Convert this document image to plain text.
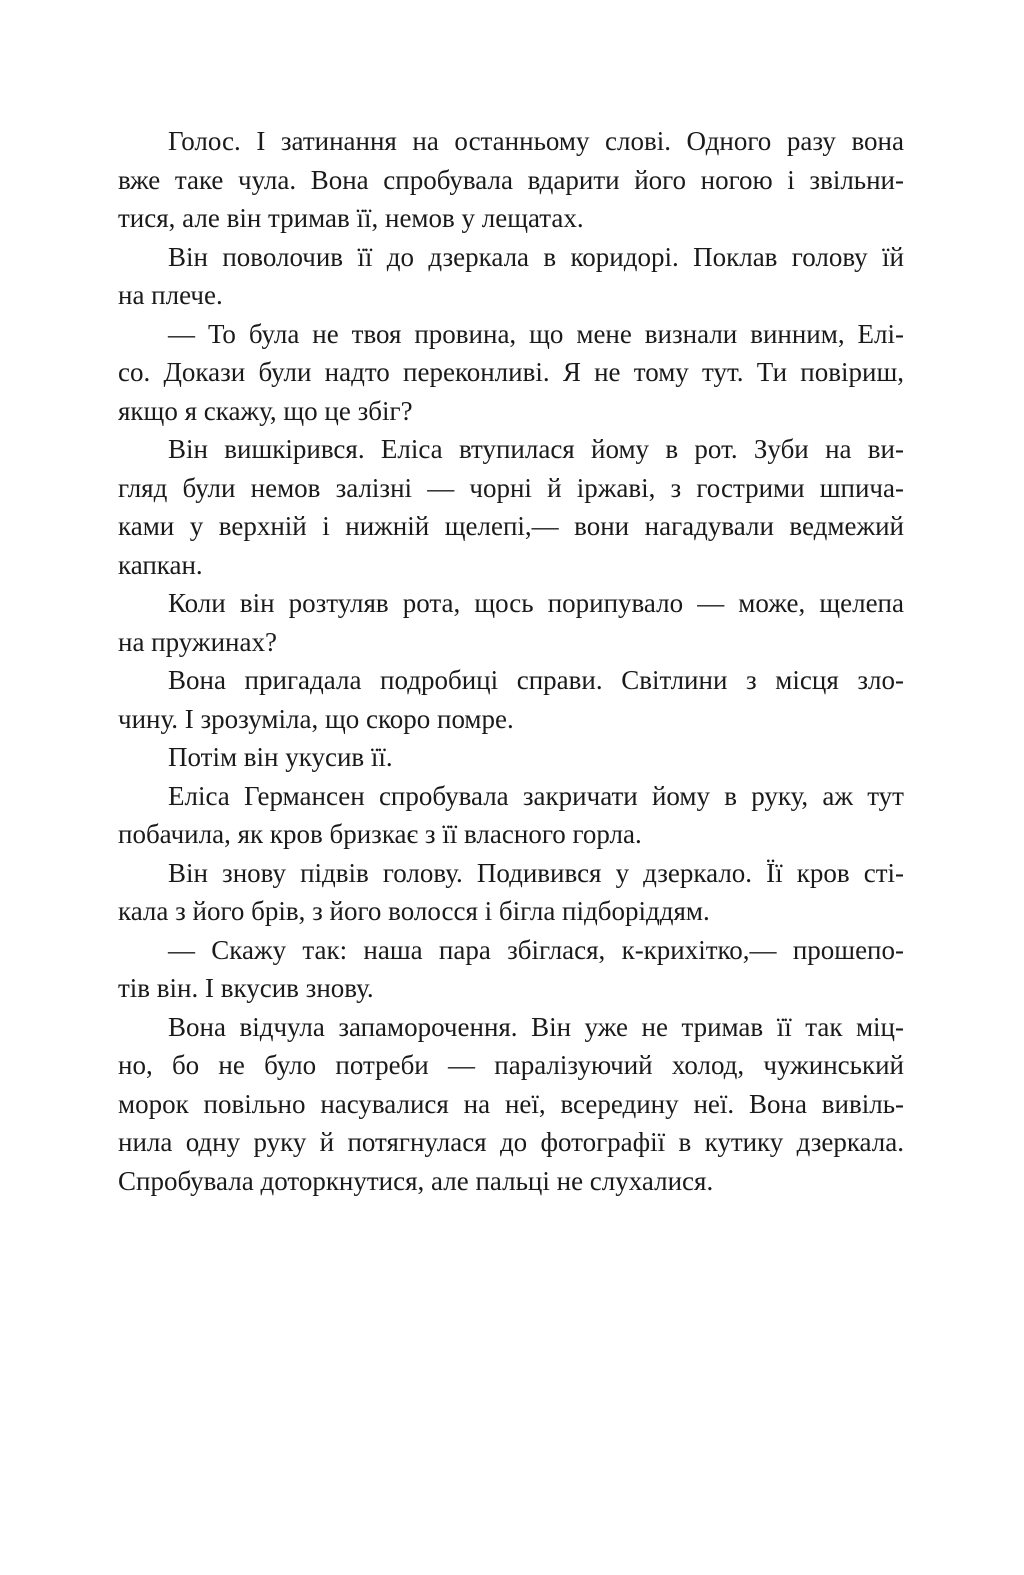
Голос. І затинання на останньому слові. Одного разу вона
вже таке чула. Вона спробувала вдарити його ногою і звільни-
тися, але він тримав її, немов у лещатах.
Він поволочив її до дзеркала в коридорі. Поклав голову їй
на плече.
— То була не твоя провина, що мене визнали винним, Елі-
со. Докази були надто переконливі. Я не тому тут. Ти повіриш,
якщо я скажу, що це збіг?
Він вишкірився. Еліса втупилася йому в рот. Зуби на ви-
гляд були немов залізні — чорні й іржаві, з гострими шпича-
ками у верхній і нижній щелепі,— вони нагадували ведмежий
капкан.
Коли він розтуляв рота, щось порипувало — може, щелепа
на пружинах?
Вона пригадала подробиці справи. Світлини з місця зло-
чину. І зрозуміла, що скоро помре.
Потім він укусив її.
Еліса Германсен спробувала закричати йому в руку, аж тут
побачила, як кров бризкає з її власного горла.
Він знову підвів голову. Подивився у дзеркало. Її кров сті-
кала з його брів, з його волосся і бігла підборіддям.
— Скажу так: наша пара збіглася, к-крихітко,— прошепо-
тів він. І вкусив знову.
Вона відчула запаморочення. Він уже не тримав її так міц-
но, бо не було потреби — паралізуючий холод, чужинський
морок повільно насувалися на неї, всередину неї. Вона вивіль-
нила одну руку й потягнулася до фотографії в кутику дзеркала.
Спробувала доторкнутися, але пальці не слухалися.
